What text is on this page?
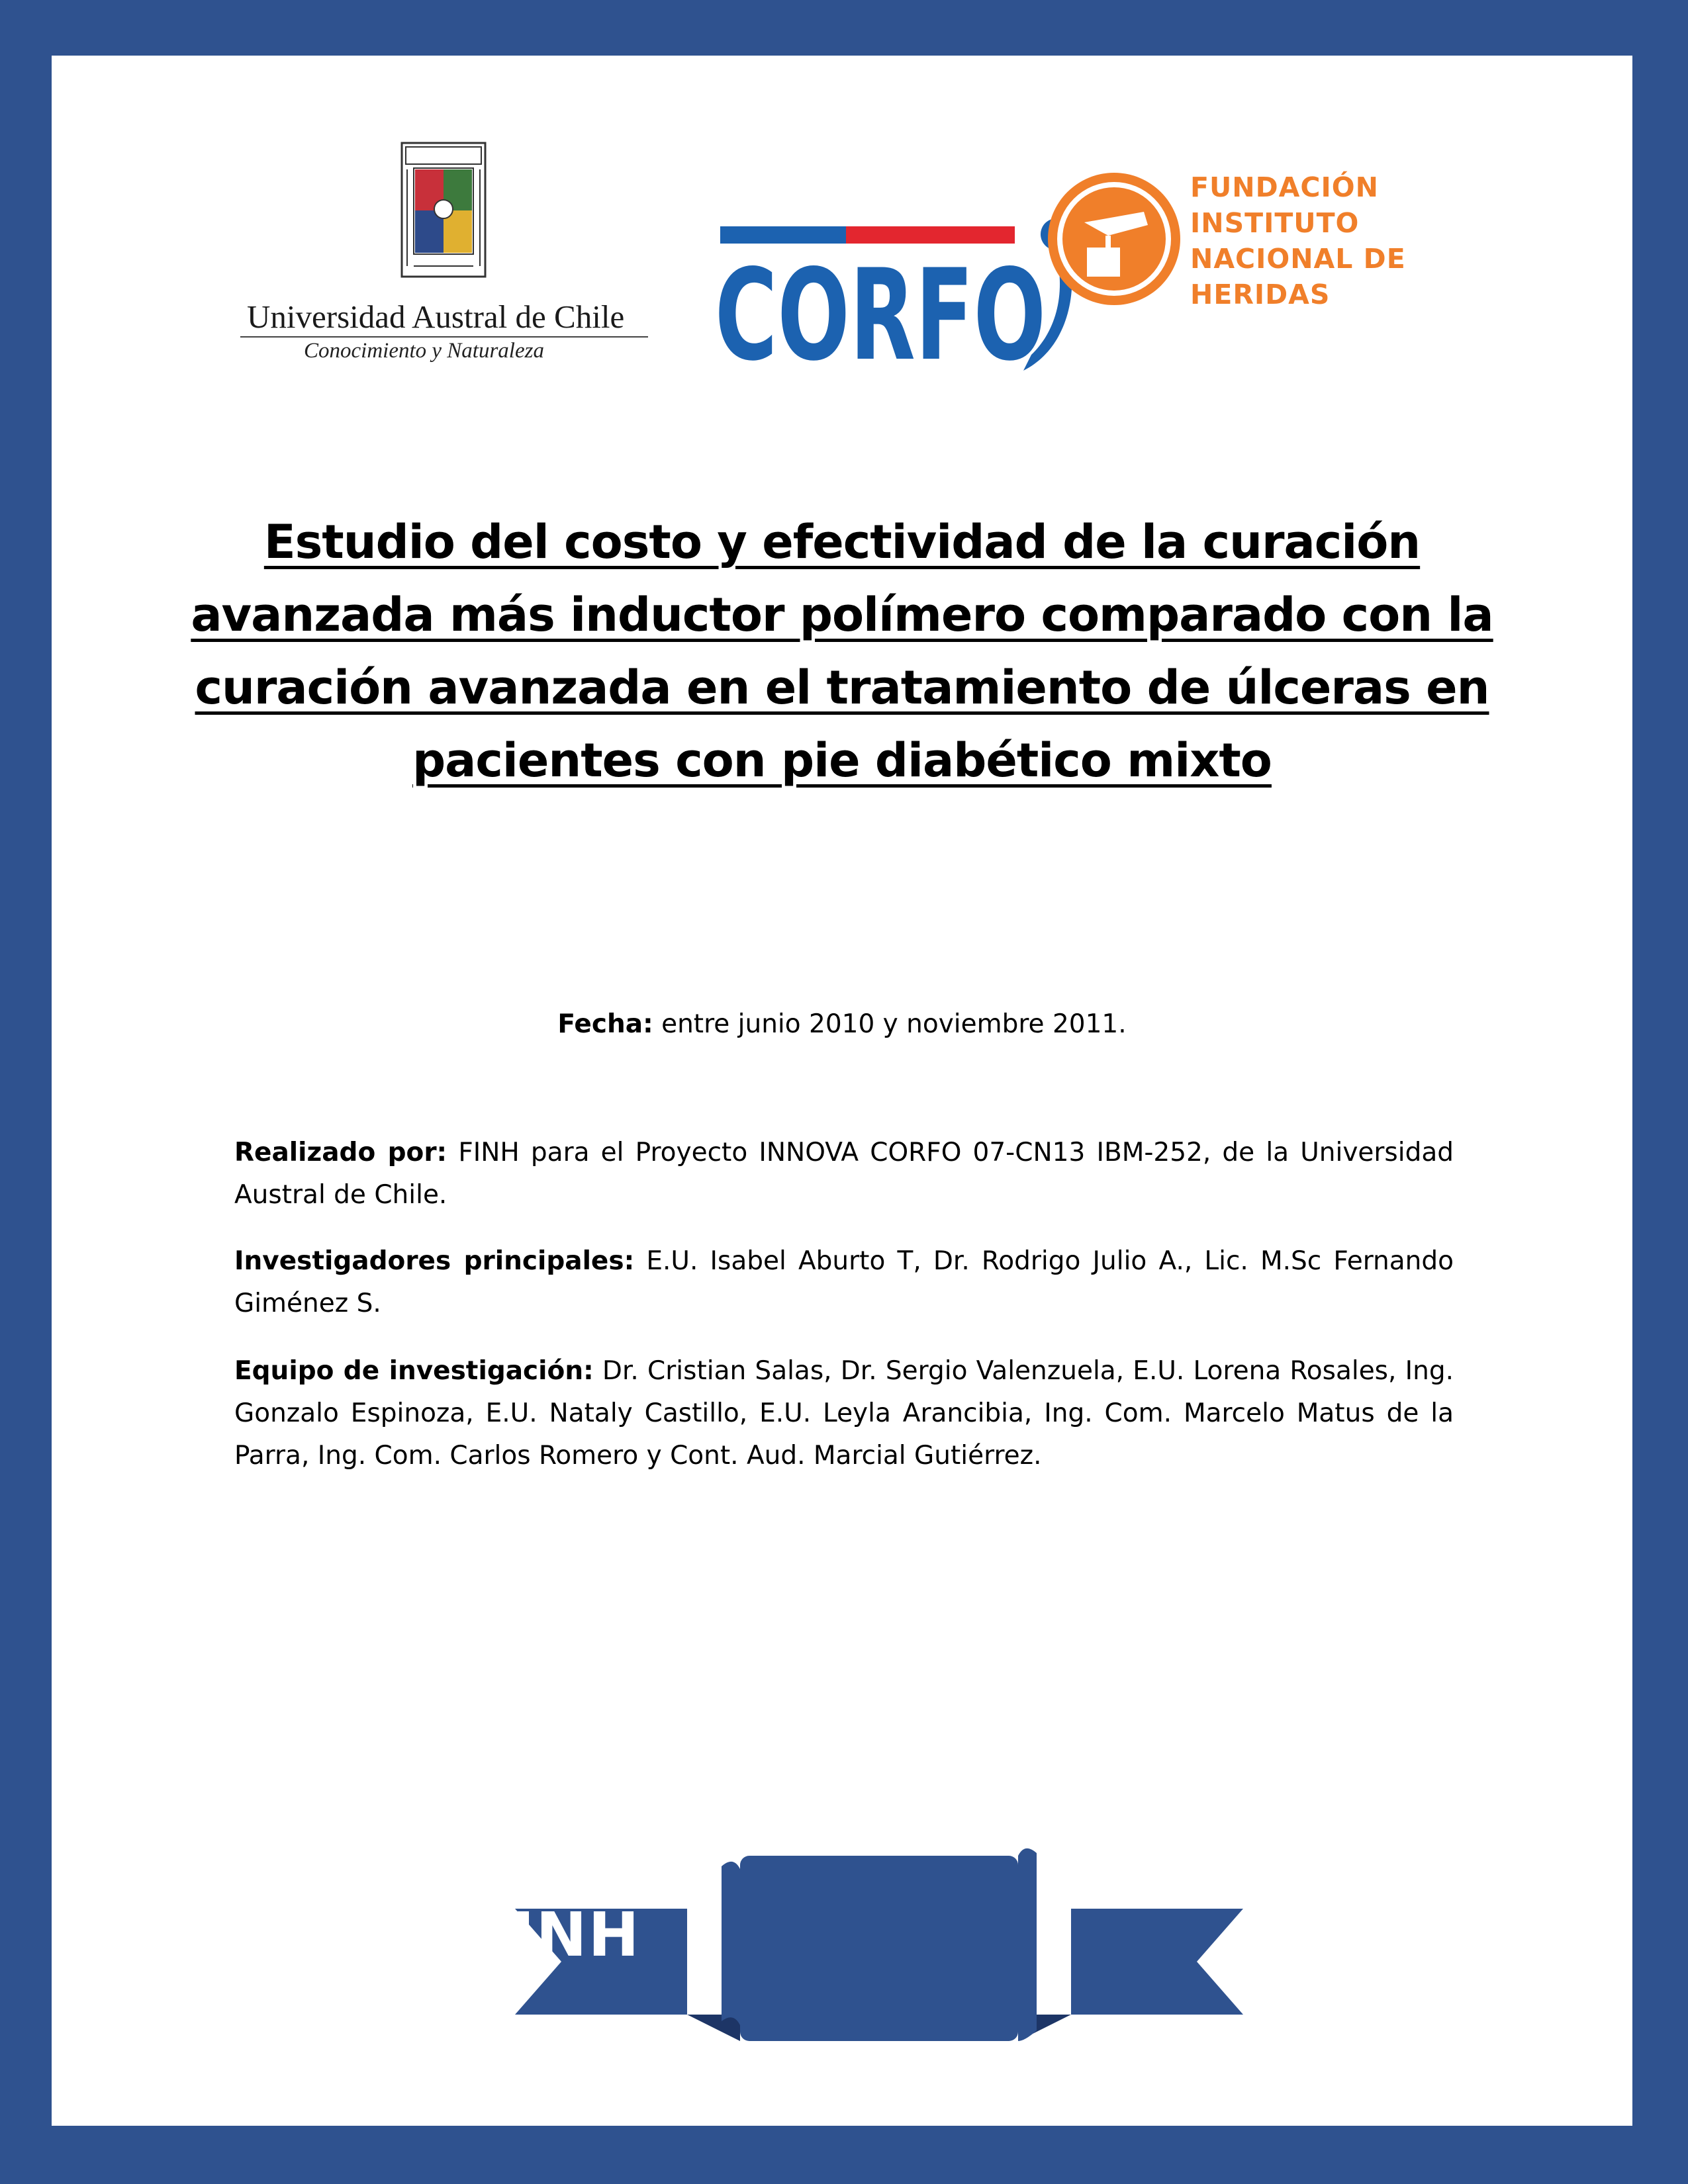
Universidad Austral de Chile
Conocimiento y Naturaleza CORFO
FUNDACIÓN
INSTITUTO
NACIONAL DE
HERIDAS
Estudio del costo y efectividad de la curación
avanzada más inductor polímero comparado con la
curación avanzada en el tratamiento de úlceras en
pacientes con pie diabético mixto
Fecha: entre junio 2010 y noviembre 2011.
Realizado por: FINH para el Proyecto INNOVA CORFO 07-CN13 IBM-252, de la Universidad Austral de Chile.
Investigadores principales: E.U. Isabel Aburto T, Dr. Rodrigo Julio A., Lic. M.Sc Fernando Giménez S.
Equipo de investigación: Dr. Cristian Salas, Dr. Sergio Valenzuela, E.U. Lorena Rosales, Ing. Gonzalo Espinoza, E.U. Nataly Castillo, E.U. Leyla Arancibia, Ing. Com. Marcelo Matus de la Parra, Ing. Com. Carlos Romero y Cont. Aud. Marcial Gutiérrez.
FINH
